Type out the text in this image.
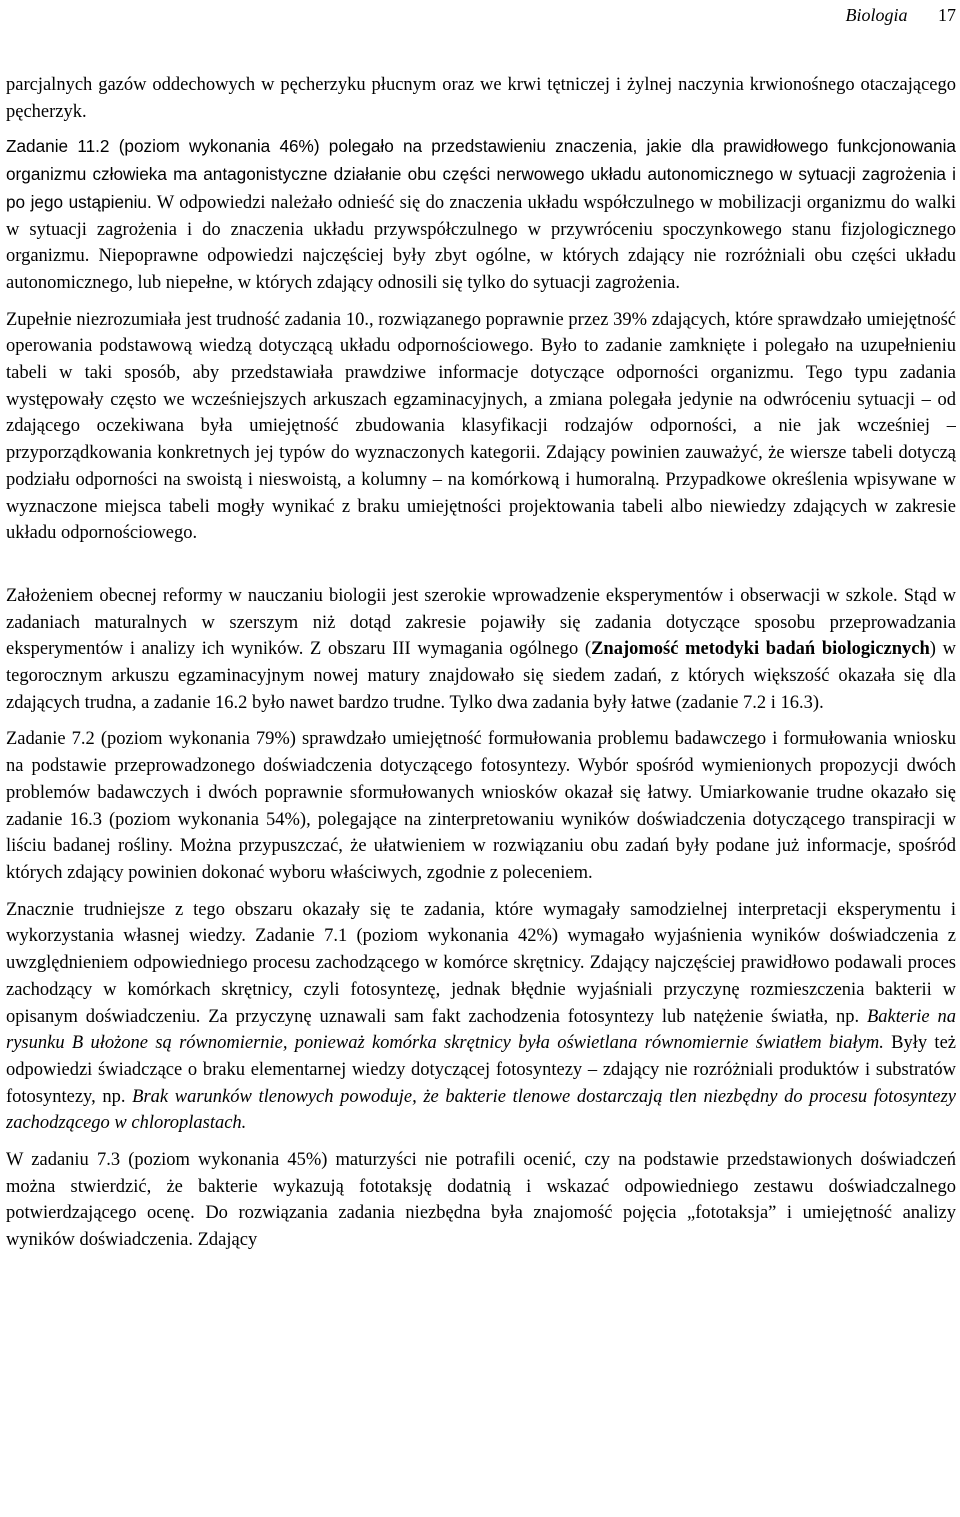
Biologia 17

parcjalnych gazów oddechowych w pęcherzyku płucnym oraz we krwi tętniczej i żylnej naczynia krwionośnego otaczającego pęcherzyk.

Zadanie 11.2 (poziom wykonania 46%) polegało na przedstawieniu znaczenia, jakie dla prawidłowego funkcjonowania organizmu człowieka ma antagonistyczne działanie obu części nerwowego układu autonomicznego w sytuacji zagrożenia i po jego ustąpieniu. W odpowiedzi należało odnieść się do znaczenia układu współczulnego w mobilizacji organizmu do walki w sytuacji zagrożenia i do znaczenia układu przywspółczulnego w przywróceniu spoczynkowego stanu fizjologicznego organizmu. Niepoprawne odpowiedzi najczęściej były zbyt ogólne, w których zdający nie rozróżniali obu części układu autonomicznego, lub niepełne, w których zdający odnosili się tylko do sytuacji zagrożenia.

Zupełnie niezrozumiała jest trudność zadania 10., rozwiązanego poprawnie przez 39% zdających, które sprawdzało umiejętność operowania podstawową wiedzą dotyczącą układu odpornościowego. Było to zadanie zamknięte i polegało na uzupełnieniu tabeli w taki sposób, aby przedstawiała prawdziwe informacje dotyczące odporności organizmu. Tego typu zadania występowały często we wcześniejszych arkuszach egzaminacyjnych, a zmiana polegała jedynie na odwróceniu sytuacji – od zdającego oczekiwana była umiejętność zbudowania klasyfikacji rodzajów odporności, a nie jak wcześniej – przyporządkowania konkretnych jej typów do wyznaczonych kategorii. Zdający powinien zauważyć, że wiersze tabeli dotyczą podziału odporności na swoistą i nieswoistą, a kolumny – na komórkową i humoralną. Przypadkowe określenia wpisywane w wyznaczone miejsca tabeli mogły wynikać z braku umiejętności projektowania tabeli albo niewiedzy zdających w zakresie układu odpornościowego.

Założeniem obecnej reformy w nauczaniu biologii jest szerokie wprowadzenie eksperymentów i obserwacji w szkole. Stąd w zadaniach maturalnych w szerszym niż dotąd zakresie pojawiły się zadania dotyczące sposobu przeprowadzania eksperymentów i analizy ich wyników. Z obszaru III wymagania ogólnego (Znajomość metodyki badań biologicznych) w tegorocznym arkuszu egzaminacyjnym nowej matury znajdowało się siedem zadań, z których większość okazała się dla zdających trudna, a zadanie 16.2 było nawet bardzo trudne. Tylko dwa zadania były łatwe (zadanie 7.2 i 16.3).

Zadanie 7.2 (poziom wykonania 79%) sprawdzało umiejętność formułowania problemu badawczego i formułowania wniosku na podstawie przeprowadzonego doświadczenia dotyczącego fotosyntezy. Wybór spośród wymienionych propozycji dwóch problemów badawczych i dwóch poprawnie sformułowanych wniosków okazał się łatwy. Umiarkowanie trudne okazało się zadanie 16.3 (poziom wykonania 54%), polegające na zinterpretowaniu wyników doświadczenia dotyczącego transpiracji w liściu badanej rośliny. Można przypuszczać, że ułatwieniem w rozwiązaniu obu zadań były podane już informacje, spośród których zdający powinien dokonać wyboru właściwych, zgodnie z poleceniem.

Znacznie trudniejsze z tego obszaru okazały się te zadania, które wymagały samodzielnej interpretacji eksperymentu i wykorzystania własnej wiedzy. Zadanie 7.1 (poziom wykonania 42%) wymagało wyjaśnienia wyników doświadczenia z uwzględnieniem odpowiedniego procesu zachodzącego w komórce skrętnicy. Zdający najczęściej prawidłowo podawali proces zachodzący w komórkach skrętnicy, czyli fotosyntezę, jednak błędnie wyjaśniali przyczynę rozmieszczenia bakterii w opisanym doświadczeniu. Za przyczynę uznawali sam fakt zachodzenia fotosyntezy lub natężenie światła, np. Bakterie na rysunku B ułożone są równomiernie, ponieważ komórka skrętnicy była oświetlana równomiernie światłem białym. Były też odpowiedzi świadczące o braku elementarnej wiedzy dotyczącej fotosyntezy – zdający nie rozróżniali produktów i substratów fotosyntezy, np. Brak warunków tlenowych powoduje, że bakterie tlenowe dostarczają tlen niezbędny do procesu fotosyntezy zachodzącego w chloroplastach.

W zadaniu 7.3 (poziom wykonania 45%) maturzyści nie potrafili ocenić, czy na podstawie przedstawionych doświadczeń można stwierdzić, że bakterie wykazują fototaksję dodatnią i wskazać odpowiedniego zestawu doświadczalnego potwierdzającego ocenę. Do rozwiązania zadania niezbędna była znajomość pojęcia „fototaksja” i umiejętność analizy wyników doświadczenia. Zdający
